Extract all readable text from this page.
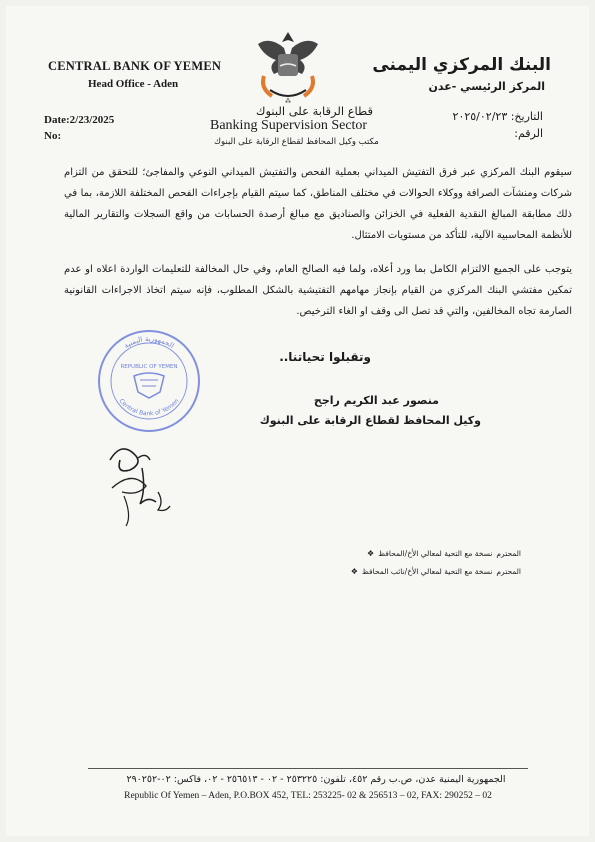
CENTRAL BANK OF YEMEN
Head Office - Aden
Date:2/23/2025
No:
⁂
البنك المركزي اليمنى
المركز الرئيسي -عدن
التاريخ: ٢٠٢٥/٠٢/٢٣
الرقم:
قطاع الرقابة على البنوك
Banking Supervision Sector
مكتب وكيل المحافظ لقطاع الرقابة على البنوك

سيقوم البنك المركزي عبر فرق التفتيش الميداني بعملية الفحص والتفتيش الميداني النوعي والمفاجئ؛ للتحقق من التزام شركات ومنشآت الصرافة ووكلاء الحوالات في مختلف المناطق، كما سيتم القيام بإجراءات الفحص المختلفة اللازمة، بما في ذلك مطابقة المبالغ النقدية الفعلية في الخزائن والصناديق مع مبالغ أرصدة الحسابات من واقع السجلات والتقارير المالية للأنظمة المحاسبية الآلية، للتأكد من مستويات الامتثال.

يتوجب على الجميع الالتزام الكامل بما ورد أعلاه، ولما فيه الصالح العام، وفي حال المخالفة للتعليمات الواردة اعلاه او عدم تمكين مفتشي البنك المركزي من القيام بإنجاز مهامهم التفتيشية بالشكل المطلوب، فإنه سيتم اتخاذ الاجراءات القانونية الصارمة تجاه المخالفين، والتي قد تصل الى وقف او الغاء الترخيص.

الجمهورية اليمنية
REPUBLIC OF YEMEN
Central Bank of Yemen
وتقبلوا تحياتنا..
منصور عبد الكريم راجح
وكيل المحافظ لقطاع الرقابة على البنوك
❖ نسخة مع التحية لمعالي الأخ/المحافظ المحترم
❖ نسخة مع التحية لمعالي الأخ/نائب المحافظ المحترم
الجمهورية اليمنية عدن، ص.ب رقم ٤٥٢، تلفون: ٢٥٣٢٢٥ - ٠٢ - ٢٥٦٥١٣ - ٠٢، فاكس: ٠٢-٢٩٠٢٥٢
Republic Of Yemen – Aden, P.O.BOX 452, TEL: 253225- 02 & 256513 – 02, FAX: 290252 – 02
